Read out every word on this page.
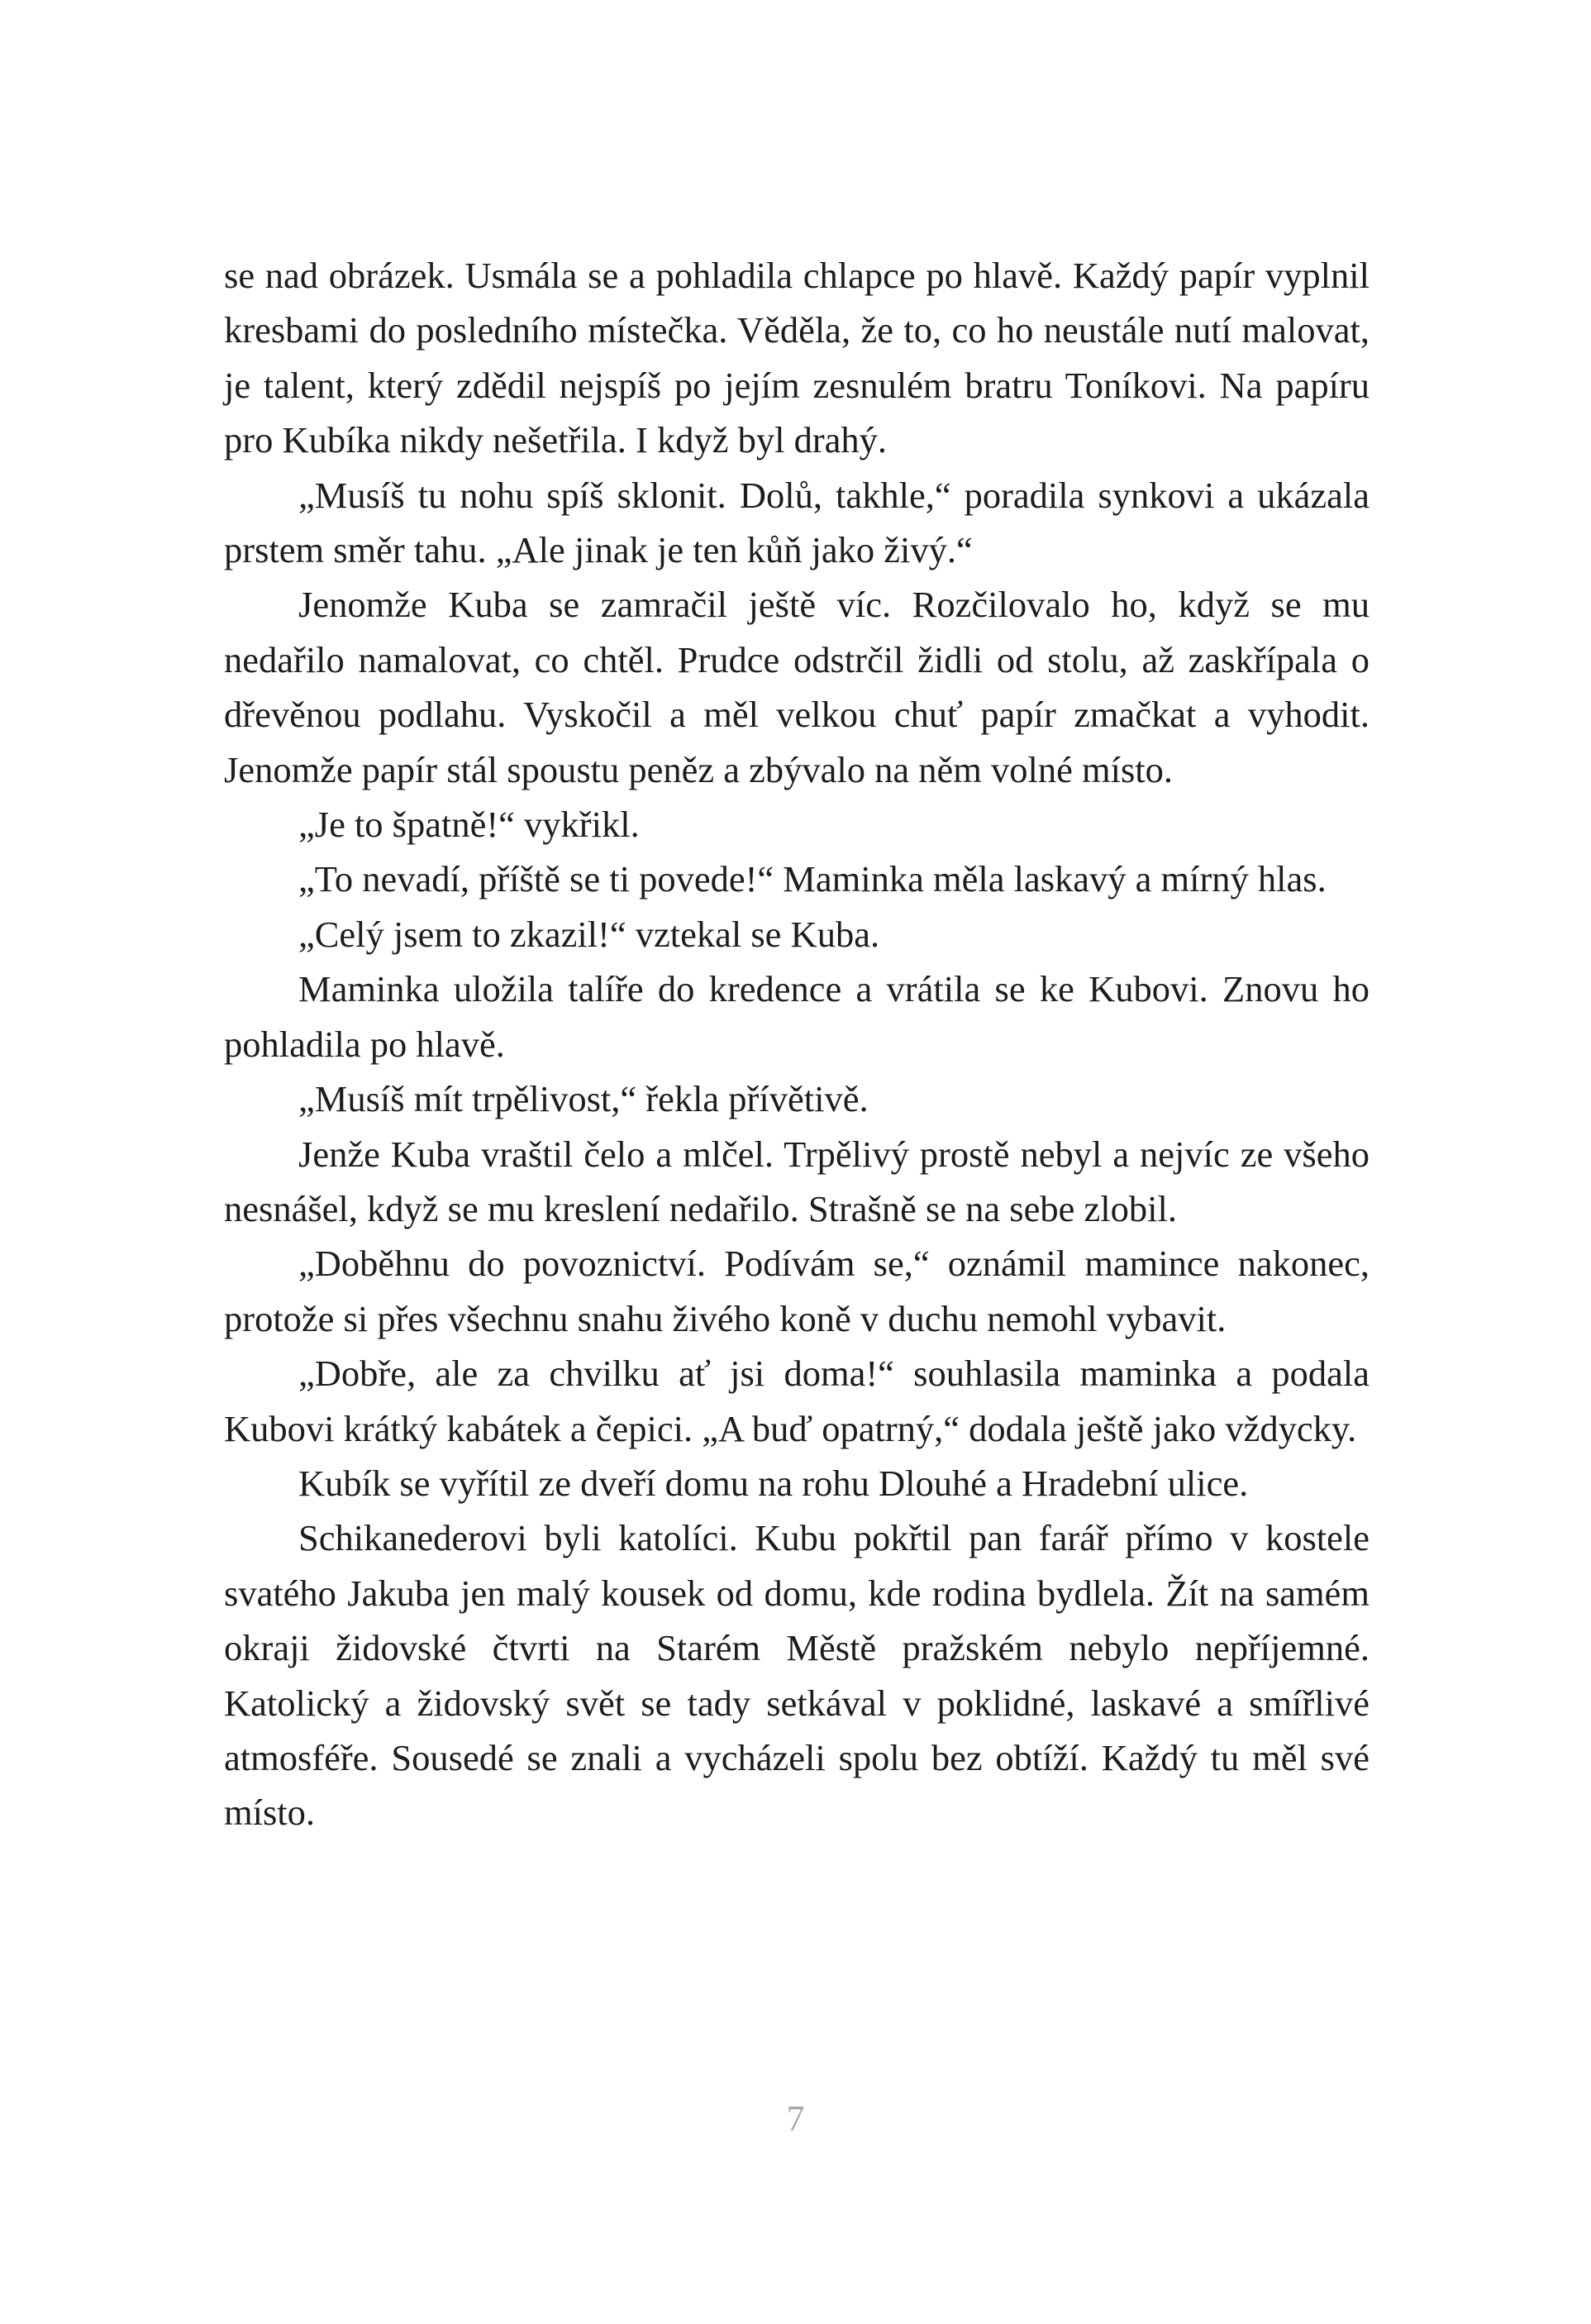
se nad obrázek. Usmála se a pohladila chlapce po hlavě. Každý papír vyplnil kresbami do posledního místečka. Věděla, že to, co ho neustále nutí malovat, je talent, který zdědil nejspíš po jejím zesnulém bratru Toníkovi. Na papíru pro Kubíka nikdy nešetřila. I když byl drahý.

„Musíš tu nohu spíš sklonit. Dolů, takhle,“ poradila synkovi a ukázala prstem směr tahu. „Ale jinak je ten kůň jako živý.“

Jenomže Kuba se zamračil ještě víc. Rozčilovalo ho, když se mu nedařilo namalovat, co chtěl. Prudce odstrčil židli od stolu, až zaskřípala o dřevěnou podlahu. Vyskočil a měl velkou chuť papír zmačkat a vyhodit. Jenomže papír stál spoustu peněz a zbývalo na něm volné místo.

„Je to špatně!“ vykřikl.

„To nevadí, příště se ti povede!“ Maminka měla laskavý a mírný hlas.

„Celý jsem to zkazil!“ vztekal se Kuba.

Maminka uložila talíře do kredence a vrátila se ke Kubovi. Znovu ho pohladila po hlavě.

„Musíš mít trpělivost,“ řekla přívětivě.

Jenže Kuba vraštil čelo a mlčel. Trpělivý prostě nebyl a nejvíc ze všeho nesnášel, když se mu kreslení nedařilo. Strašně se na sebe zlobil.

„Doběhnu do povoznictví. Podívám se,“ oznámil mamince nakonec, protože si přes všechnu snahu živého koně v duchu nemohl vybavit.

„Dobře, ale za chvilku ať jsi doma!“ souhlasila maminka a podala Kubovi krátký kabátek a čepici. „A buď opatrný,“ dodala ještě jako vždycky.

Kubík se vyřítil ze dveří domu na rohu Dlouhé a Hradební ulice.

Schikanederovi byli katolíci. Kubu pokřtil pan farář přímo v kostele svatého Jakuba jen malý kousek od domu, kde rodina bydlela. Žít na samém okraji židovské čtvrti na Starém Městě pražském nebylo nepříjemné. Katolický a židovský svět se tady setkával v poklidné, laskavé a smířlivé atmosféře. Sousedé se znali a vycházeli spolu bez obtíží. Každý tu měl své místo.

7
